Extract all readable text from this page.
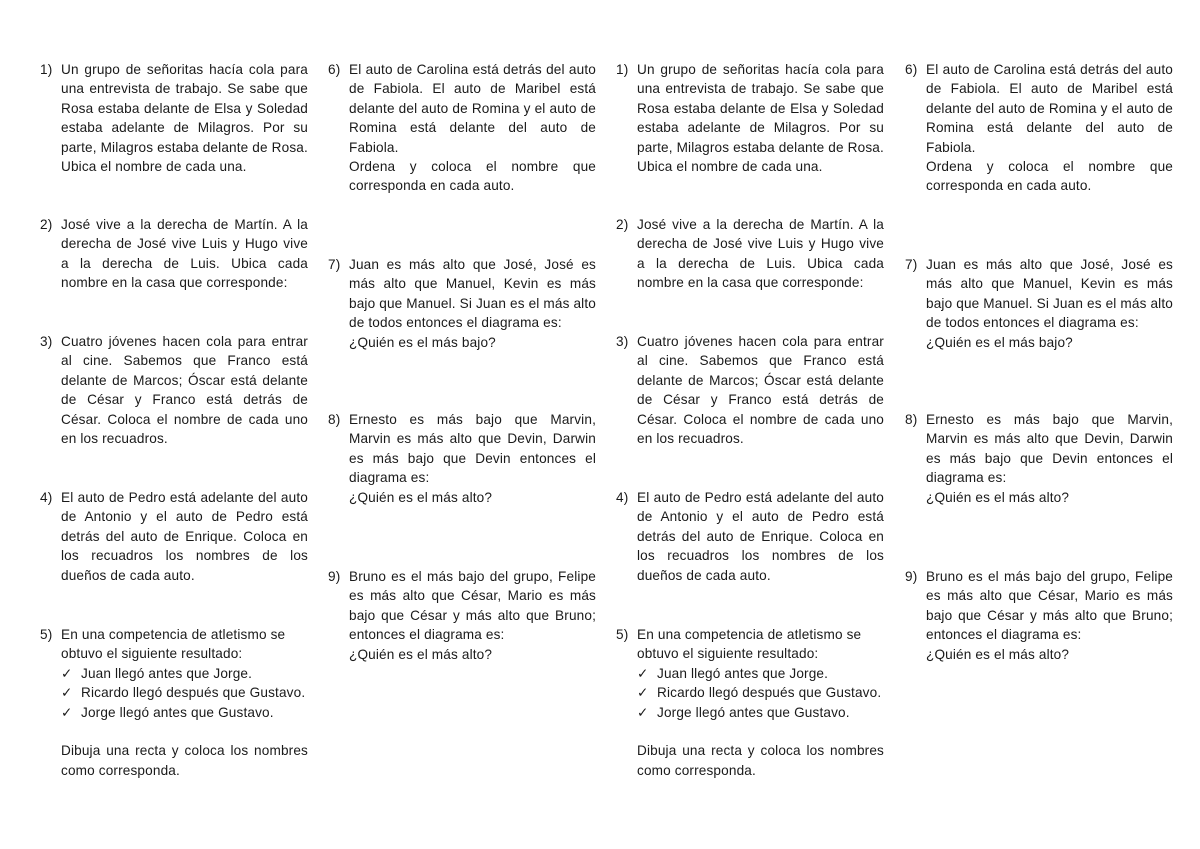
1) Un grupo de señoritas hacía cola para una entrevista de trabajo. Se sabe que Rosa estaba delante de Elsa y Soledad estaba adelante de Milagros. Por su parte, Milagros estaba delante de Rosa.

Ubica el nombre de cada una.

2) José vive a la derecha de Martín. A la derecha de José vive Luis y Hugo vive a la derecha de Luis. Ubica cada nombre en la casa que corresponde:

3) Cuatro jóvenes hacen cola para entrar al cine. Sabemos que Franco está delante de Marcos; Óscar está delante de César y Franco está detrás de César. Coloca el nombre de cada uno en los recuadros.

4) El auto de Pedro está adelante del auto de Antonio y el auto de Pedro está detrás del auto de Enrique. Coloca en los recuadros los nombres de los dueños de cada auto.

5) En una competencia de atletismo se obtuvo el siguiente resultado:

✓ Juan llegó antes que Jorge.
✓ Ricardo llegó después que Gustavo.
✓ Jorge llegó antes que Gustavo.

Dibuja una recta y coloca los nombres como corresponda.

6) El auto de Carolina está detrás del auto de Fabiola. El auto de Maribel está delante del auto de Romina y el auto de Romina está delante del auto de Fabiola.

Ordena y coloca el nombre que corresponda en cada auto.

7) Juan es más alto que José, José es más alto que Manuel, Kevin es más bajo que Manuel. Si Juan es el más alto de todos entonces el diagrama es:

¿Quién es el más bajo?

8) Ernesto es más bajo que Marvin, Marvin es más alto que Devin, Darwin es más bajo que Devin entonces el diagrama es:

¿Quién es el más alto?

9) Bruno es el más bajo del grupo, Felipe es más alto que César, Mario es más bajo que César y más alto que Bruno; entonces el diagrama es:

¿Quién es el más alto?

1) Un grupo de señoritas hacía cola para una entrevista de trabajo. Se sabe que Rosa estaba delante de Elsa y Soledad estaba adelante de Milagros. Por su parte, Milagros estaba delante de Rosa.

Ubica el nombre de cada una.

2) José vive a la derecha de Martín. A la derecha de José vive Luis y Hugo vive a la derecha de Luis. Ubica cada nombre en la casa que corresponde:

3) Cuatro jóvenes hacen cola para entrar al cine. Sabemos que Franco está delante de Marcos; Óscar está delante de César y Franco está detrás de César. Coloca el nombre de cada uno en los recuadros.

4) El auto de Pedro está adelante del auto de Antonio y el auto de Pedro está detrás del auto de Enrique. Coloca en los recuadros los nombres de los dueños de cada auto.

5) En una competencia de atletismo se obtuvo el siguiente resultado:

✓ Juan llegó antes que Jorge.
✓ Ricardo llegó después que Gustavo.
✓ Jorge llegó antes que Gustavo.

Dibuja una recta y coloca los nombres como corresponda.

6) El auto de Carolina está detrás del auto de Fabiola. El auto de Maribel está delante del auto de Romina y el auto de Romina está delante del auto de Fabiola.

Ordena y coloca el nombre que corresponda en cada auto.

7) Juan es más alto que José, José es más alto que Manuel, Kevin es más bajo que Manuel. Si Juan es el más alto de todos entonces el diagrama es:

¿Quién es el más bajo?

8) Ernesto es más bajo que Marvin, Marvin es más alto que Devin, Darwin es más bajo que Devin entonces el diagrama es:

¿Quién es el más alto?

9) Bruno es el más bajo del grupo, Felipe es más alto que César, Mario es más bajo que César y más alto que Bruno; entonces el diagrama es:

¿Quién es el más alto?
